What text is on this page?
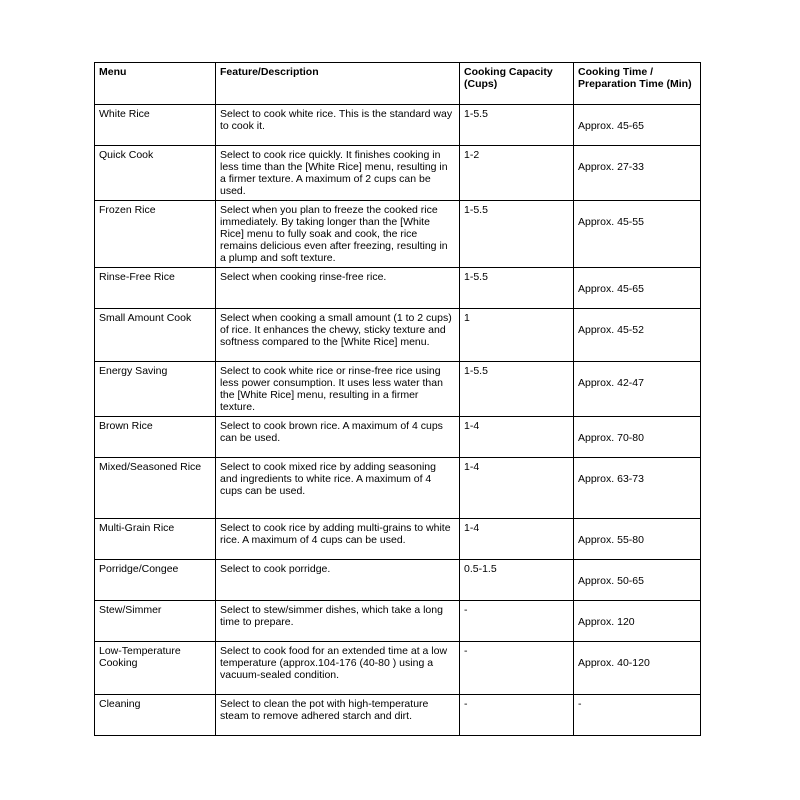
Menu	Feature/Description	Cooking Capacity (Cups)	Cooking Time / Preparation Time (Min)
White Rice	Select to cook white rice. This is the standard way to cook it.	1-5.5	Approx. 45-65

Quick Cook	Select to cook rice quickly. It finishes cooking in less time than the [White Rice] menu, resulting in a firmer texture. A maximum of 2 cups can be used.	1-2	Approx. 27-33

Frozen Rice	Select when you plan to freeze the cooked rice immediately. By taking longer than the [White Rice] menu to fully soak and cook, the rice remains delicious even after freezing, resulting in a plump and soft texture.	1-5.5	Approx. 45-55

Rinse-Free Rice	Select when cooking rinse-free rice.	1-5.5	Approx. 45-65

Small Amount Cook	Select when cooking a small amount (1 to 2 cups) of rice. It enhances the chewy, sticky texture and softness compared to the [White Rice] menu.	1	Approx. 45-52

Energy Saving	Select to cook white rice or rinse-free rice using less power consumption. It uses less water than the [White Rice] menu, resulting in a firmer texture.	1-5.5	Approx. 42-47

Brown Rice	Select to cook brown rice. A maximum of 4 cups can be used.	1-4	Approx. 70-80

Mixed/Seasoned Rice	Select to cook mixed rice by adding seasoning and ingredients to white rice. A maximum of 4 cups can be used.	1-4	Approx. 63-73

Multi-Grain Rice	Select to cook rice by adding multi-grains to white rice. A maximum of 4 cups can be used.	1-4	Approx. 55-80

Porridge/Congee	Select to cook porridge.	0.5-1.5	Approx. 50-65

Stew/Simmer	Select to stew/simmer dishes, which take a long time to prepare.	-	Approx. 120

Low-Temperature Cooking	Select to cook food for an extended time at a low temperature (approx.104-176 (40-80 ) using a vacuum-sealed condition.	-	Approx. 40-120

Cleaning	Select to clean the pot with high-temperature steam to remove adhered starch and dirt.	-	-
